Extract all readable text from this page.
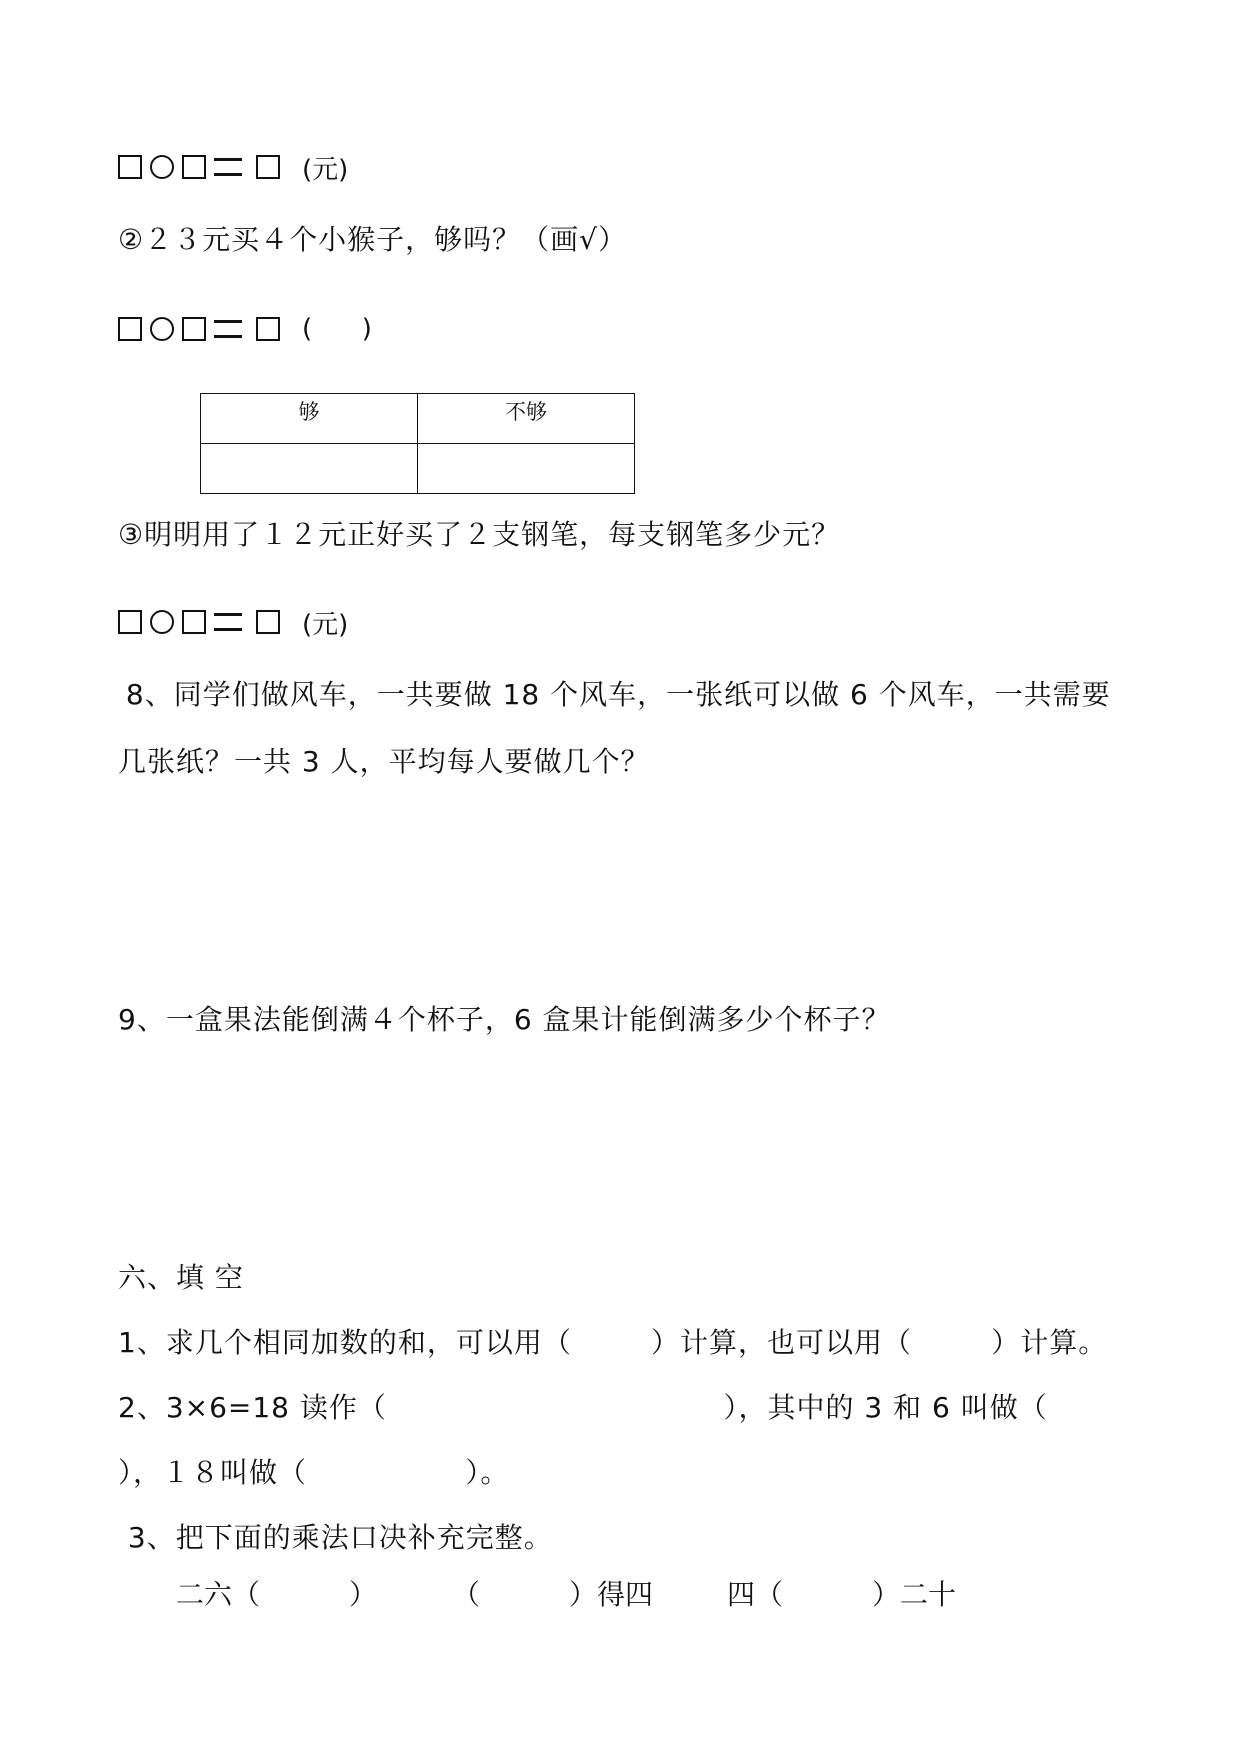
(元)
②２３元买４个小猴子，够吗？（画√）
(      )
够	不够

③明明用了１２元正好买了２支钢笔，每支钢笔多少元？
(元)
8、同学们做风车，一共要做 18 个风车，一张纸可以做 6 个风车，一共需要
几张纸？一共 3 人，平均每人要做几个？
9、一盒果法能倒满４个杯子，6 盒果计能倒满多少个杯子？
六、填 空
1、求几个相同加数的和，可以用（        ）计算，也可以用（        ）计算。
2、3×6=18 读作（                                  ），其中的 3 和 6 叫做（
），１８叫做（                ）。
3、把下面的乘法口决补充完整。
二六（          ）	（          ）得四	四（          ）二十
